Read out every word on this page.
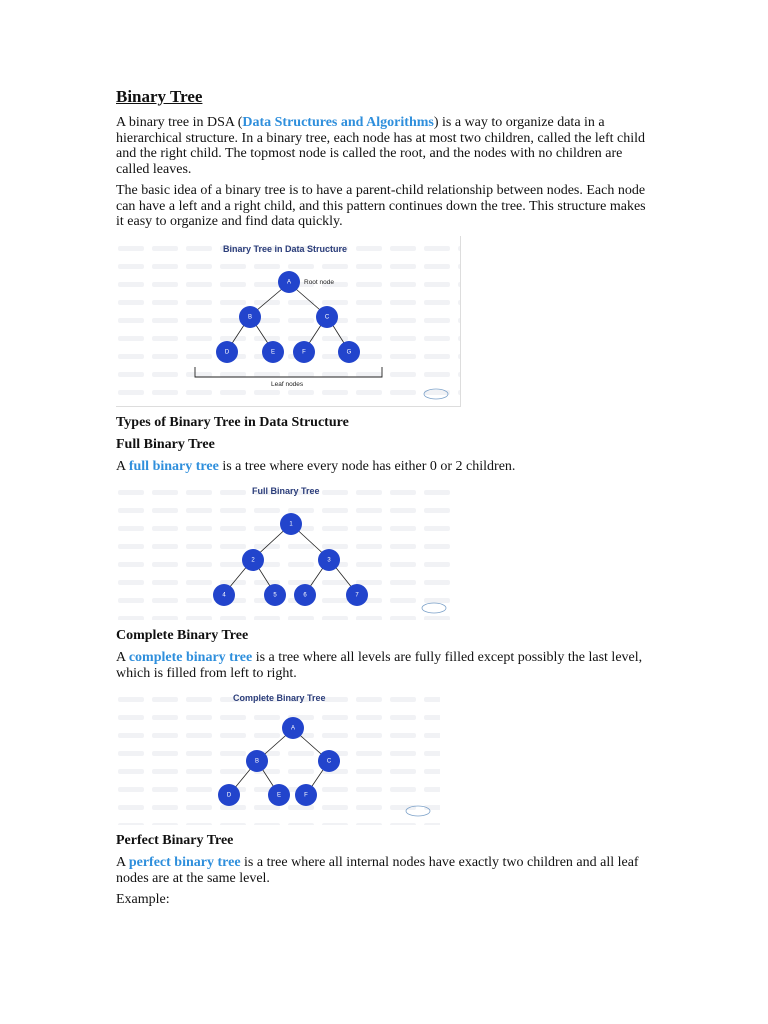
Binary Tree

A binary tree in DSA (Data Structures and Algorithms) is a way to organize data in a hierarchical structure. In a binary tree, each node has at most two children, called the left child and the right child. The topmost node is called the root, and the nodes with no children are called leaves.

The basic idea of a binary tree is to have a parent-child relationship between nodes. Each node can have a left and a right child, and this pattern continues down the tree. This structure makes it easy to organize and find data quickly.

Binary Tree in Data Structure
A
B	C
D	E	F	G
Root node
Leaf nodes
Types of Binary Tree in Data Structure
Full Binary Tree

A full binary tree is a tree where every node has either 0 or 2 children.

Full Binary Tree
1
2	3
4	5	6	7
Complete Binary Tree

A complete binary tree is a tree where all levels are fully filled except possibly the last level, which is filled from left to right.

Complete Binary Tree
A
B	C
D	E	F
Perfect Binary Tree

A perfect binary tree is a tree where all internal nodes have exactly two children and all leaf nodes are at the same level.

Example:
